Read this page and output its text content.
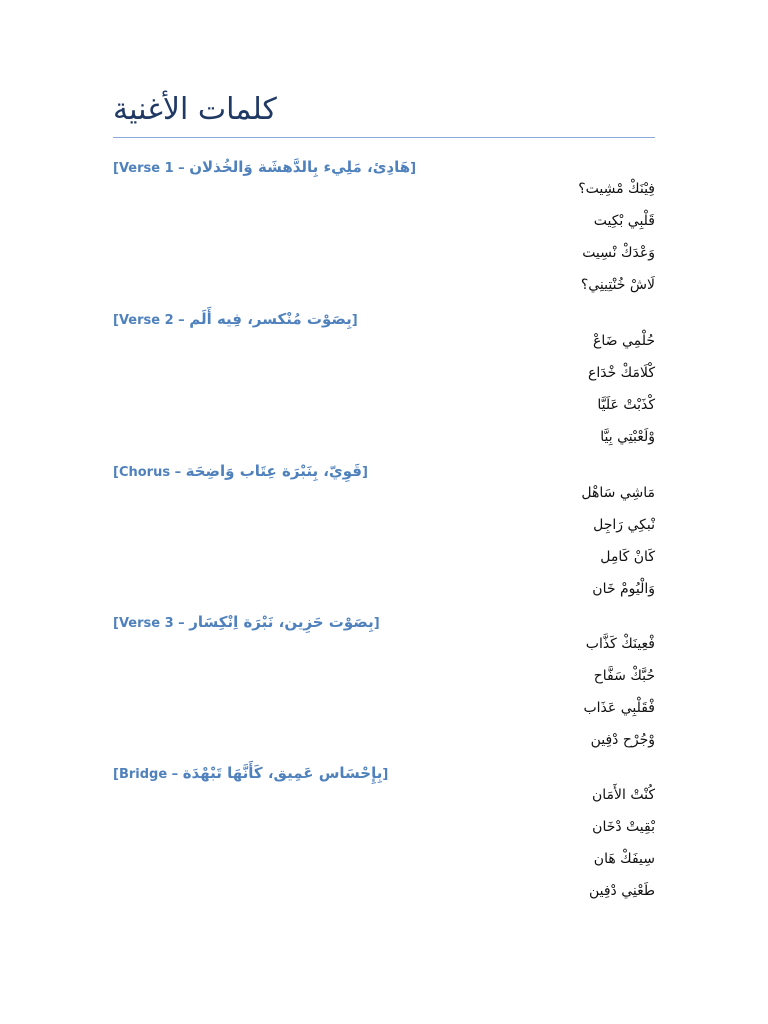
كلمات الأغنية
[Verse 1 – هَادِئ، مَلِيء بِالدَّهشَة وَالخُذلان]
فِيْنَكْ مْشِيت؟
قَلْبِي بْكِيت
وَعْدَكْ نْسِيت
لَاشْ خُنْتِينِي؟
[Verse 2 – بِصَوْت مُنْكسر، فِيه أَلَم]
حُلْمِي ضَاعْ
كْلَامَكْ خْدَاع
كْذَبْتْ عَلَيَّا
وْلَعْبْتِي بِيَّا
[Chorus – قَوِيّ، بِنَبْرَة عِتَاب وَاضِحَة]
مَاشِي سَاهْل
نْبكِي رَاجِل
كَانْ كَامِل
وَالْيُومْ خَان
[Verse 3 – بِصَوْت حَزِين، نَبْرَة اِنْكِسَار]
فْعِينَكْ كَذَّاب
حُبَّكْ سَفَّاح
فْقَلْبِي عَذَاب
وْجُرْح دْفِين
[Bridge – بِإِحْسَاس عَمِيق، كَأَنَّهَا تَبْهْدَة]
كُنْتْ الأَمَان
بْقِيتْ دْخَان
سِيفَكْ هَان
طَعْنِي دْفِين
